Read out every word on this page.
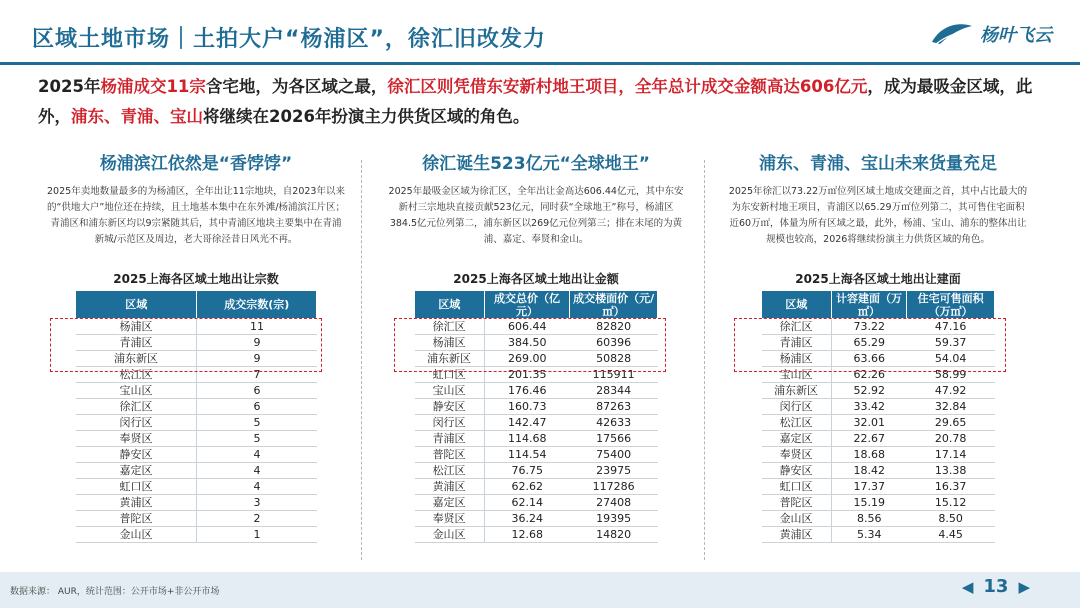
区域土地市场｜土拍大户“杨浦区”，徐汇旧改发力	杨叶飞云
2025年杨浦成交11宗含宅地，为各区域之最，徐汇区则凭借东安新村地王项目，全年总计成交金额高达606亿元，成为最吸金区域，此外，浦东、青浦、宝山将继续在2026年扮演主力供货区域的角色。
杨浦滨江依然是“香饽饽”
2025年卖地数量最多的为杨浦区，全年出让11宗地块，自2023年以来的“供地大户”地位还在持续，且土地基本集中在东外滩/杨浦滨江片区；青浦区和浦东新区均以9宗紧随其后，其中青浦区地块主要集中在青浦新城/示范区及周边，老大哥徐泾昔日风光不再。
2025上海各区域土地出让宗数
区域	成交宗数(宗)
杨浦区	11
青浦区	9
浦东新区	9
松江区	7
宝山区	6
徐汇区	6
闵行区	5
奉贤区	5
静安区	4
嘉定区	4
虹口区	4
黄浦区	3
普陀区	2
金山区	1
徐汇诞生523亿元“全球地王”
2025年最吸金区域为徐汇区，全年出让金高达606.44亿元，其中东安新村三宗地块直接贡献523亿元，同时获“全球地王”称号，杨浦区384.5亿元位列第二，浦东新区以269亿元位列第三；排在末尾的为黄浦、嘉定、奉贤和金山。
2025上海各区域土地出让金额
区域	成交总价（亿元）	成交楼面价（元/㎡）
徐汇区	606.44	82820
杨浦区	384.50	60396
浦东新区	269.00	50828
虹口区	201.35	115911
宝山区	176.46	28344
静安区	160.73	87263
闵行区	142.47	42633
青浦区	114.68	17566
普陀区	114.54	75400
松江区	76.75	23975
黄浦区	62.62	117286
嘉定区	62.14	27408
奉贤区	36.24	19395
金山区	12.68	14820
浦东、青浦、宝山未来货量充足
2025年徐汇以73.22万㎡位列区域土地成交建面之首，其中占比最大的为东安新村地王项目，青浦区以65.29万㎡位列第二，其可售住宅面积近60万㎡，体量为所有区域之最，此外，杨浦、宝山、浦东的整体出让规模也较高，2026将继续扮演主力供货区域的角色。
2025上海各区域土地出让建面
区域	计容建面（万㎡）	住宅可售面积（万㎡）
徐汇区	73.22	47.16
青浦区	65.29	59.37
杨浦区	63.66	54.04
宝山区	62.26	58.99
浦东新区	52.92	47.92
闵行区	33.42	32.84
松江区	32.01	29.65
嘉定区	22.67	20.78
奉贤区	18.68	17.14
静安区	18.42	13.38
虹口区	17.37	16.37
普陀区	15.19	15.12
金山区	8.56	8.50
黄浦区	5.34	4.45
数据来源： AUR，统计范围：公开市场+非公开市场	◀ 13 ▶
